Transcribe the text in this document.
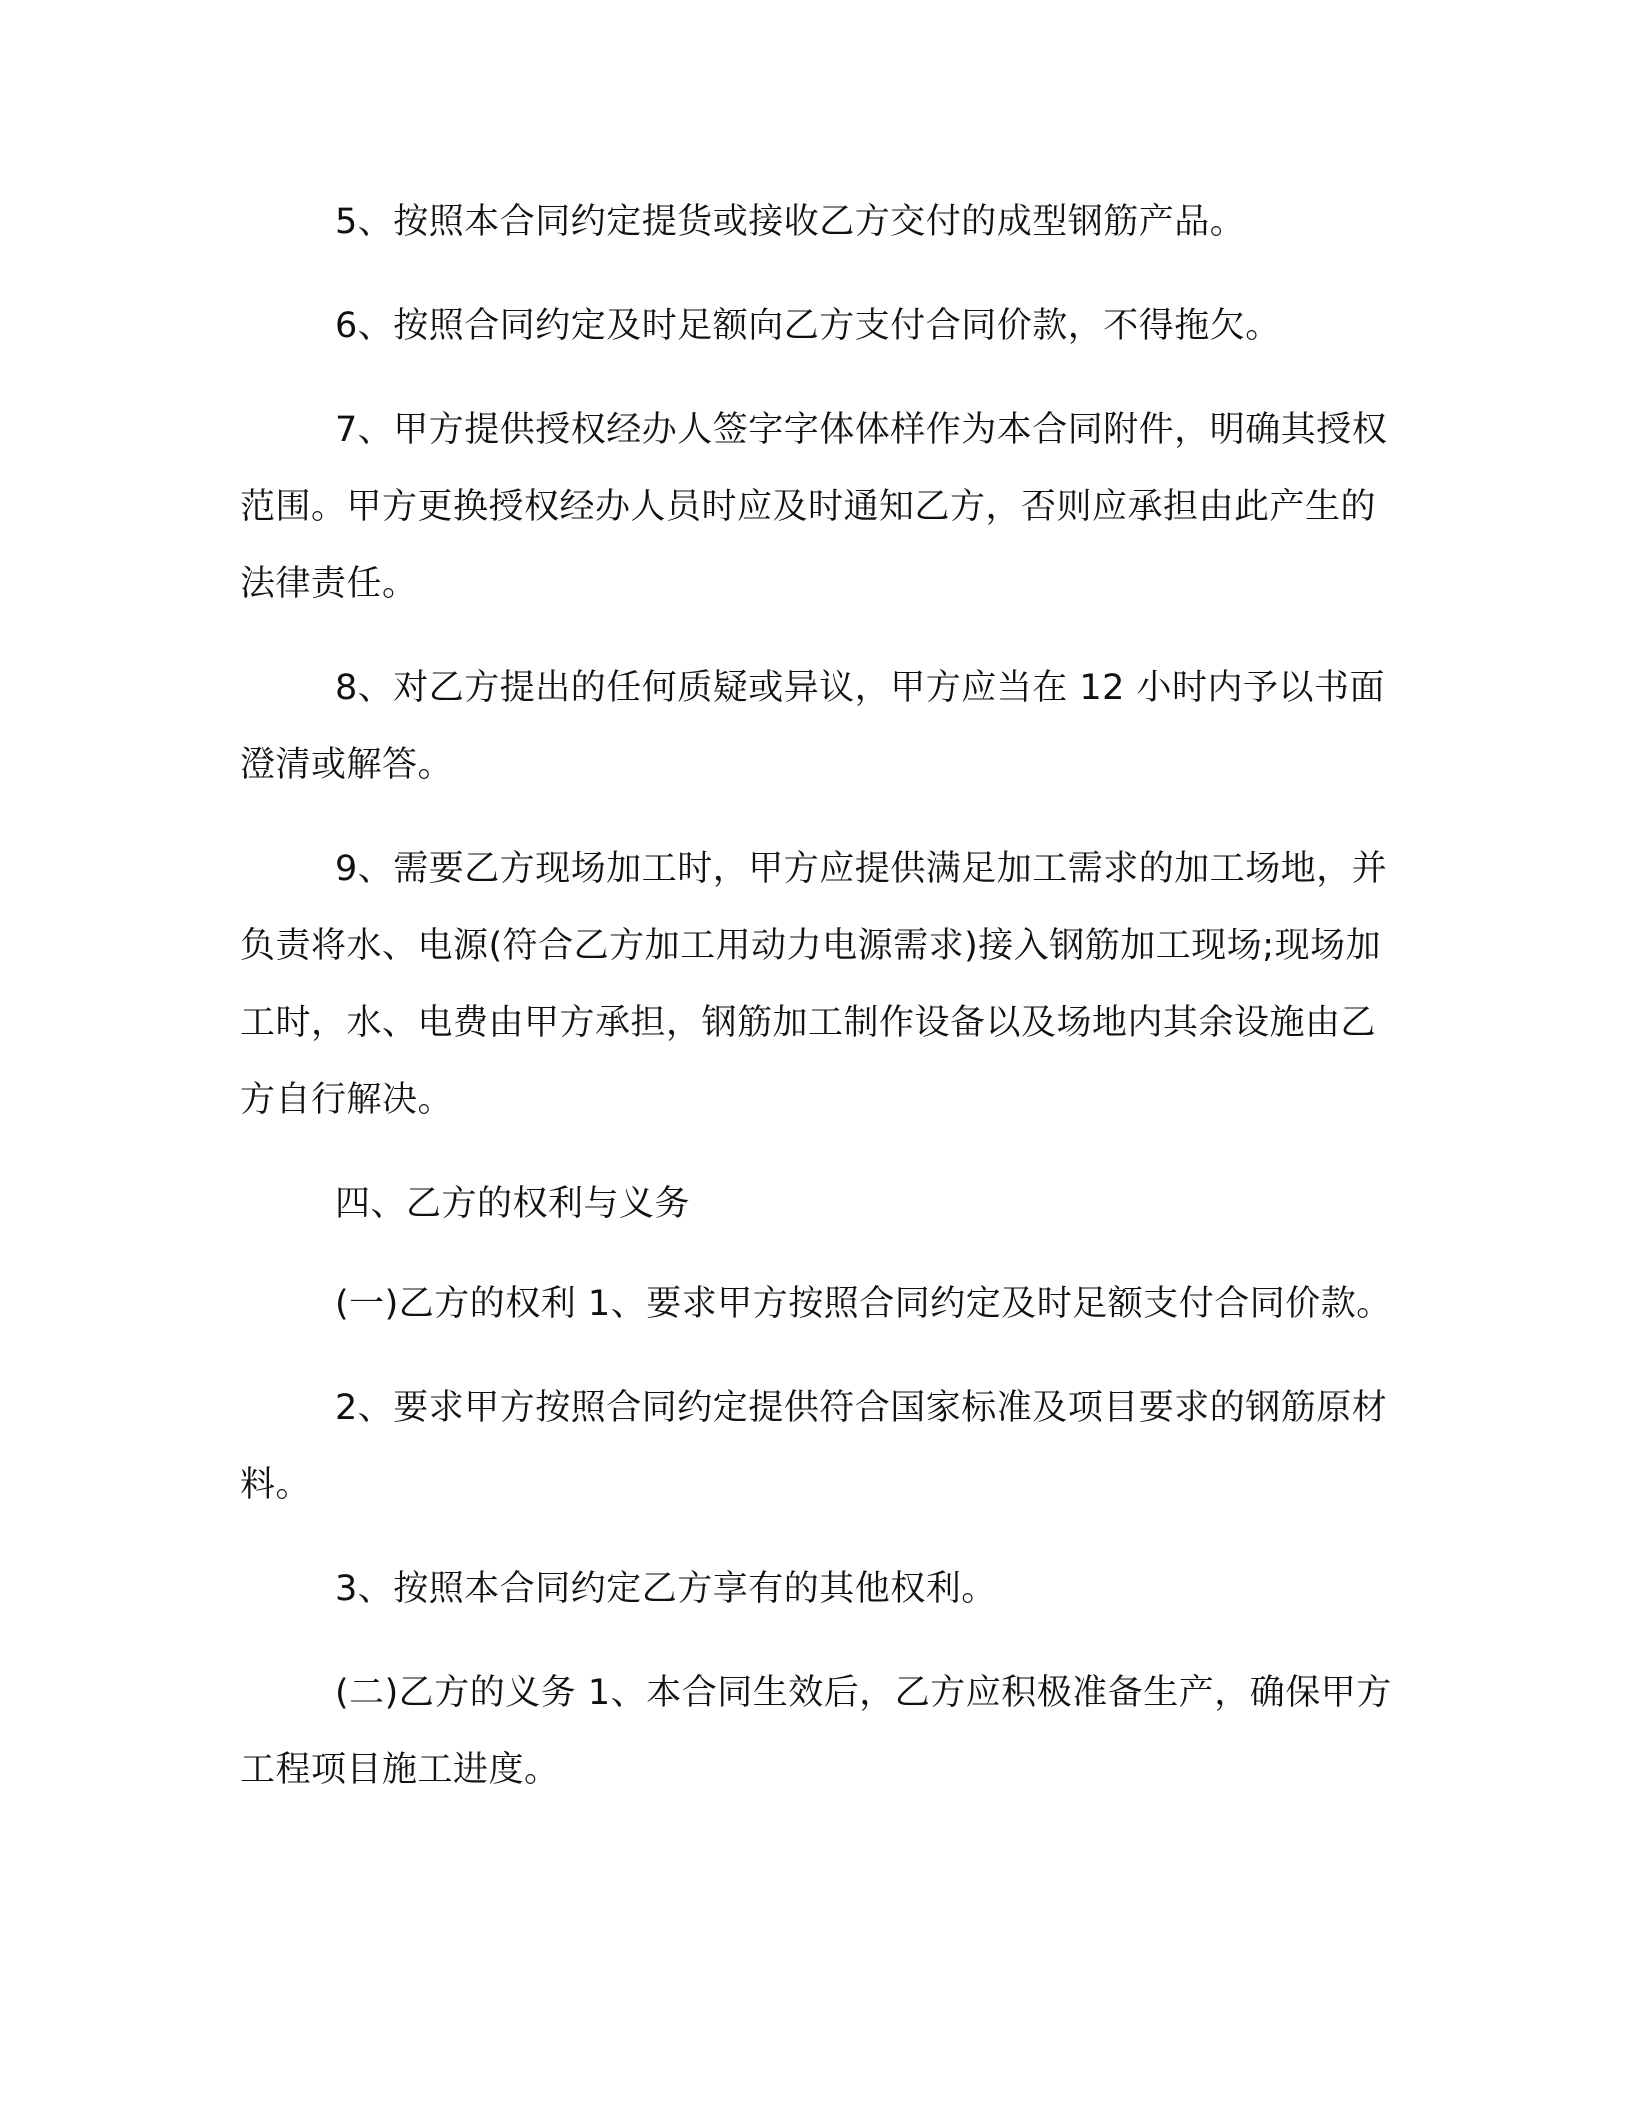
5、按照本合同约定提货或接收乙方交付的成型钢筋产品。

6、按照合同约定及时足额向乙方支付合同价款，不得拖欠。

7、甲方提供授权经办人签字字体体样作为本合同附件，明确其授权范围。甲方更换授权经办人员时应及时通知乙方，否则应承担由此产生的法律责任。

8、对乙方提出的任何质疑或异议，甲方应当在 12 小时内予以书面澄清或解答。

9、需要乙方现场加工时，甲方应提供满足加工需求的加工场地，并负责将水、电源(符合乙方加工用动力电源需求)接入钢筋加工现场;现场加工时，水、电费由甲方承担，钢筋加工制作设备以及场地内其余设施由乙方自行解决。

四、乙方的权利与义务

(一)乙方的权利 1、要求甲方按照合同约定及时足额支付合同价款。

2、要求甲方按照合同约定提供符合国家标准及项目要求的钢筋原材料。

3、按照本合同约定乙方享有的其他权利。

(二)乙方的义务 1、本合同生效后，乙方应积极准备生产，确保甲方工程项目施工进度。
